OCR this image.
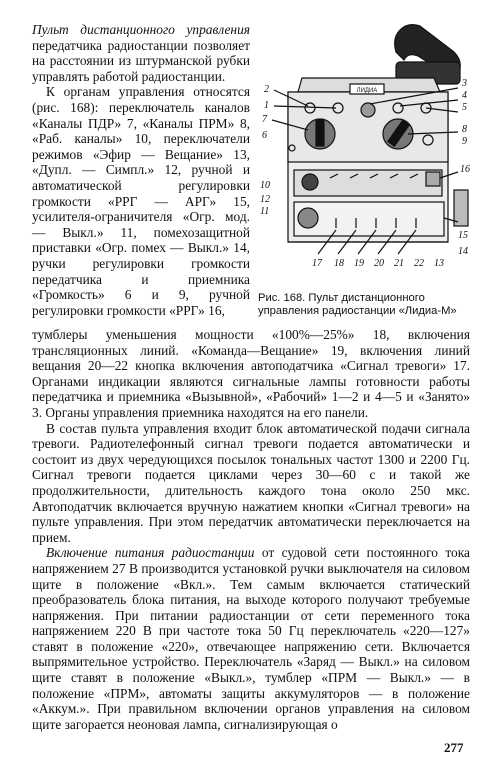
Пульт дистанционного управления передатчика радиостанции позволяет на расстоянии из штурманской рубки управлять работой радиостанции.

К органам управления относятся (рис. 168): переключатель каналов «Каналы ПДР» 7, «Каналы ПРМ» 8, «Раб. каналы» 10, переключатели режимов «Эфир — Вещание» 13, «Дупл. — Симпл.» 12, ручной и автоматической регулировки громкости «РРГ — АРГ» 15, усилителя-ограничителя «Огр. мод. — Выкл.» 11, помехозащитной приставки «Огр. помех — Выкл.» 14, ручки регулировки громкости передатчика и приемника «Громкость» 6 и 9, ручной регулировки громкости «РРГ» 16,

2
1
7
6
10
12
11
3
4
5
8
9
16
15
14
17 18 19 20 21 22 13
ЛИДИА
Рис. 168. Пульт дистанционного управления радиостанции «Лидиа-М»

тумблеры уменьшения мощности «100%—25%» 18, включения трансляционных линий. «Команда—Вещание» 19, включения линий вещания 20—22 кнопка включения автоподатчика «Сигнал тревоги» 17. Органами индикации являются сигнальные лампы готовности работы передатчика и приемника «Вызывной», «Рабочий» 1—2 и 4—5 и «Занято» 3. Органы управления приемника находятся на его панели.

В состав пульта управления входит блок автоматической подачи сигнала тревоги. Радиотелефонный сигнал тревоги подается автоматически и состоит из двух чередующихся посылок тональных частот 1300 и 2200 Гц. Сигнал тревоги подается циклами через 30—60 с и такой же продолжительности, длительность каждого тона около 250 мкс. Автоподатчик включается вручную нажатием кнопки «Сигнал тревоги» на пульте управления. При этом передатчик автоматически переключается на прием.

Включение питания радиостанции от судовой сети постоянного тока напряжением 27 В производится установкой ручки выключателя на силовом щите в положение «Вкл.». Тем самым включается статический преобразователь блока питания, на выходе которого получают требуемые напряжения. При питании радиостанции от сети переменного тока напряжением 220 В при частоте тока 50 Гц переключатель «220—127» ставят в положение «220», отвечающее напряжению сети. Включается выпрямительное устройство. Переключатель «Заряд — Выкл.» на силовом щите ставят в положение «Выкл.», тумблер «ПРМ — Выкл.» — в положение «ПРМ», автоматы защиты аккумуляторов — в положение «Аккум.». При правильном включении органов управления на силовом щите загорается неоновая лампа, сигнализирующая о

277
